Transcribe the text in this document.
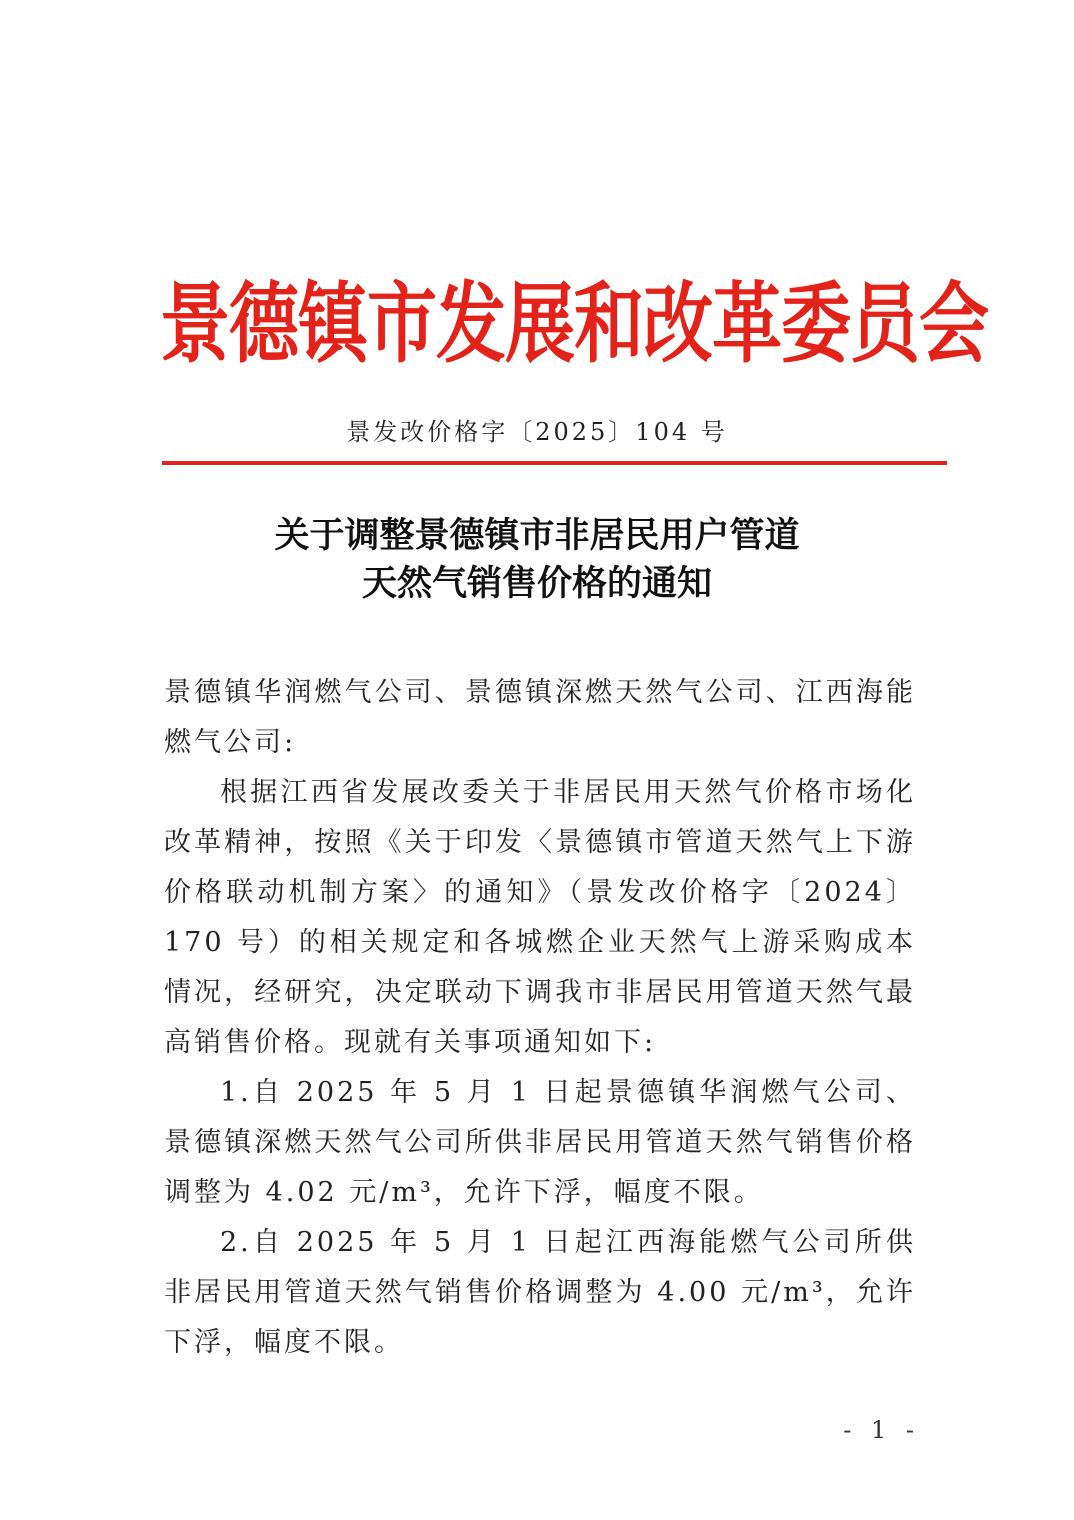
景德镇市发展和改革委员会
景发改价格字〔2025〕104 号
关于调整景德镇市非居民用户管道
天然气销售价格的通知

景德镇华润燃气公司、景德镇深燃天然气公司、江西海能燃气公司:

根据江西省发展改委关于非居民用天然气价格市场化改革精神，按照《关于印发〈景德镇市管道天然气上下游价格联动机制方案〉的通知》（景发改价格字〔2024〕170 号）的相关规定和各城燃企业天然气上游采购成本情况，经研究，决定联动下调我市非居民用管道天然气最高销售价格。现就有关事项通知如下:

1.自 2025 年 5 月 1 日起景德镇华润燃气公司、景德镇深燃天然气公司所供非居民用管道天然气销售价格调整为 4.02 元/m³，允许下浮，幅度不限。

2.自 2025 年 5 月 1 日起江西海能燃气公司所供非居民用管道天然气销售价格调整为 4.00 元/m³，允许下浮，幅度不限。

- 1 -
